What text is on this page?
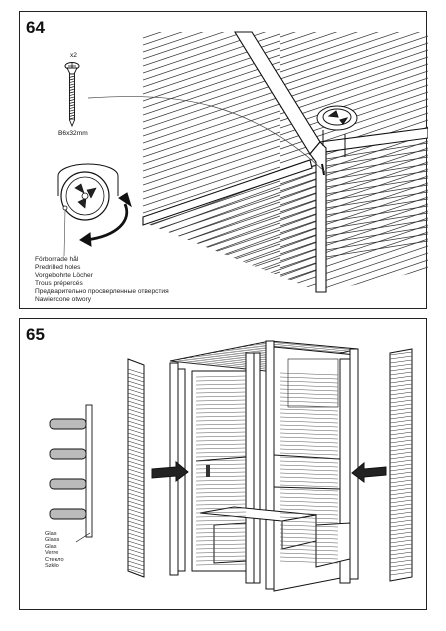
64
x2
B6x32mm
Förborrade hål
Predrilled holes
Vorgebohrte Löcher
Trous prépercés
Предварительно просверленные отверстия
Nawiercone otwory
65
Glas
Glass
Glas
Verre
Стекло
Szkło
